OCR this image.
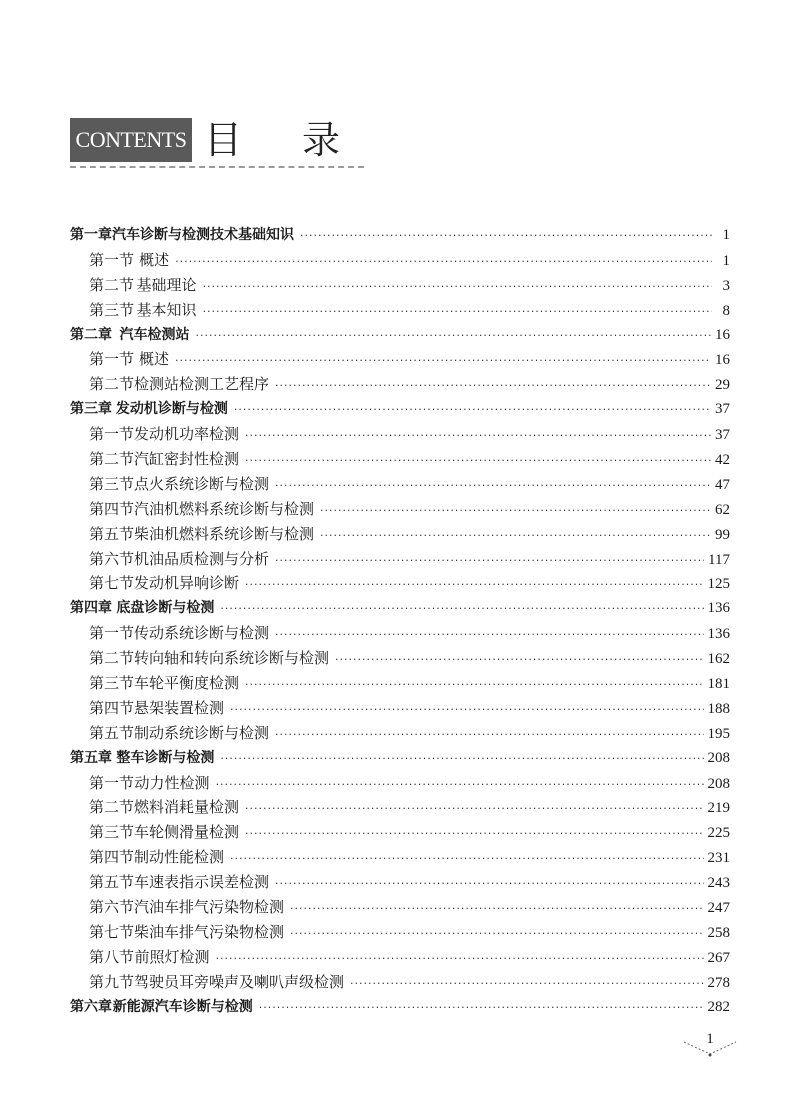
CONTENTS 目录
第一章 汽车诊断与检测技术基础知识 ·····	1
第一节 概述 ·····	1
第二节 基础理论 ·····	3
第三节 基本知识 ·····	8
第二章 汽车检测站 ·····	16
第一节 概述 ·····	16
第二节 检测站检测工艺程序 ·····	29
第三章 发动机诊断与检测 ·····	37
第一节 发动机功率检测 ·····	37
第二节 汽缸密封性检测 ·····	42
第三节 点火系统诊断与检测 ·····	47
第四节 汽油机燃料系统诊断与检测 ·····	62
第五节 柴油机燃料系统诊断与检测 ·····	99
第六节 机油品质检测与分析 ·····	117
第七节 发动机异响诊断 ·····	125
第四章 底盘诊断与检测 ·····	136
第一节 传动系统诊断与检测 ·····	136
第二节 转向轴和转向系统诊断与检测 ·····	162
第三节 车轮平衡度检测 ·····	181
第四节 悬架装置检测 ·····	188
第五节 制动系统诊断与检测 ·····	195
第五章 整车诊断与检测 ·····	208
第一节 动力性检测 ·····	208
第二节 燃料消耗量检测 ·····	219
第三节 车轮侧滑量检测 ·····	225
第四节 制动性能检测 ·····	231
第五节 车速表指示误差检测 ·····	243
第六节 汽油车排气污染物检测 ·····	247
第七节 柴油车排气污染物检测 ·····	258
第八节 前照灯检测 ·····	267
第九节 驾驶员耳旁噪声及喇叭声级检测 ·····	278
第六章 新能源汽车诊断与检测 ·····	282
1
